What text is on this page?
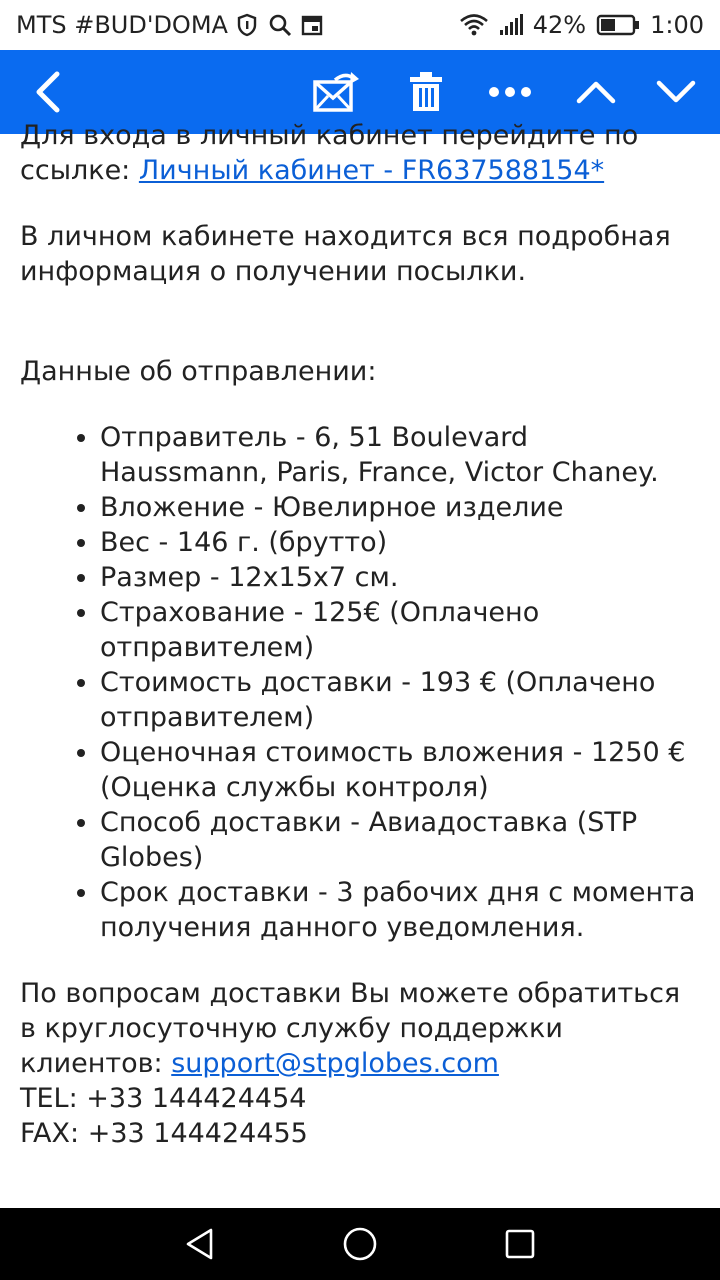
MTS #BUD'DOMA	42%	1:00

Для входа в личный кабинет перейдите по ссылке: Личный кабинет - FR637588154*

В личном кабинете находится вся подробная информация о получении посылки.

Данные об отправлении:

• Отправитель - 6, 51 Boulevard Haussmann, Paris, France, Victor Chaney.
• Вложение - Ювелирное изделие
• Вес - 146 г. (брутто)
• Размер - 12x15x7 см.
• Страхование - 125€ (Оплачено отправителем)
• Стоимость доставки - 193 € (Оплачено отправителем)
• Оценочная стоимость вложения - 1250 € (Оценка службы контроля)
• Способ доставки - Авиадоставка (STP Globes)
• Срок доставки - 3 рабочих дня с момента получения данного уведомления.

По вопросам доставки Вы можете обратиться в круглосуточную службу поддержки клиентов: support@stpglobes.com

TEL: +33 144424454

FAX: +33 144424455
